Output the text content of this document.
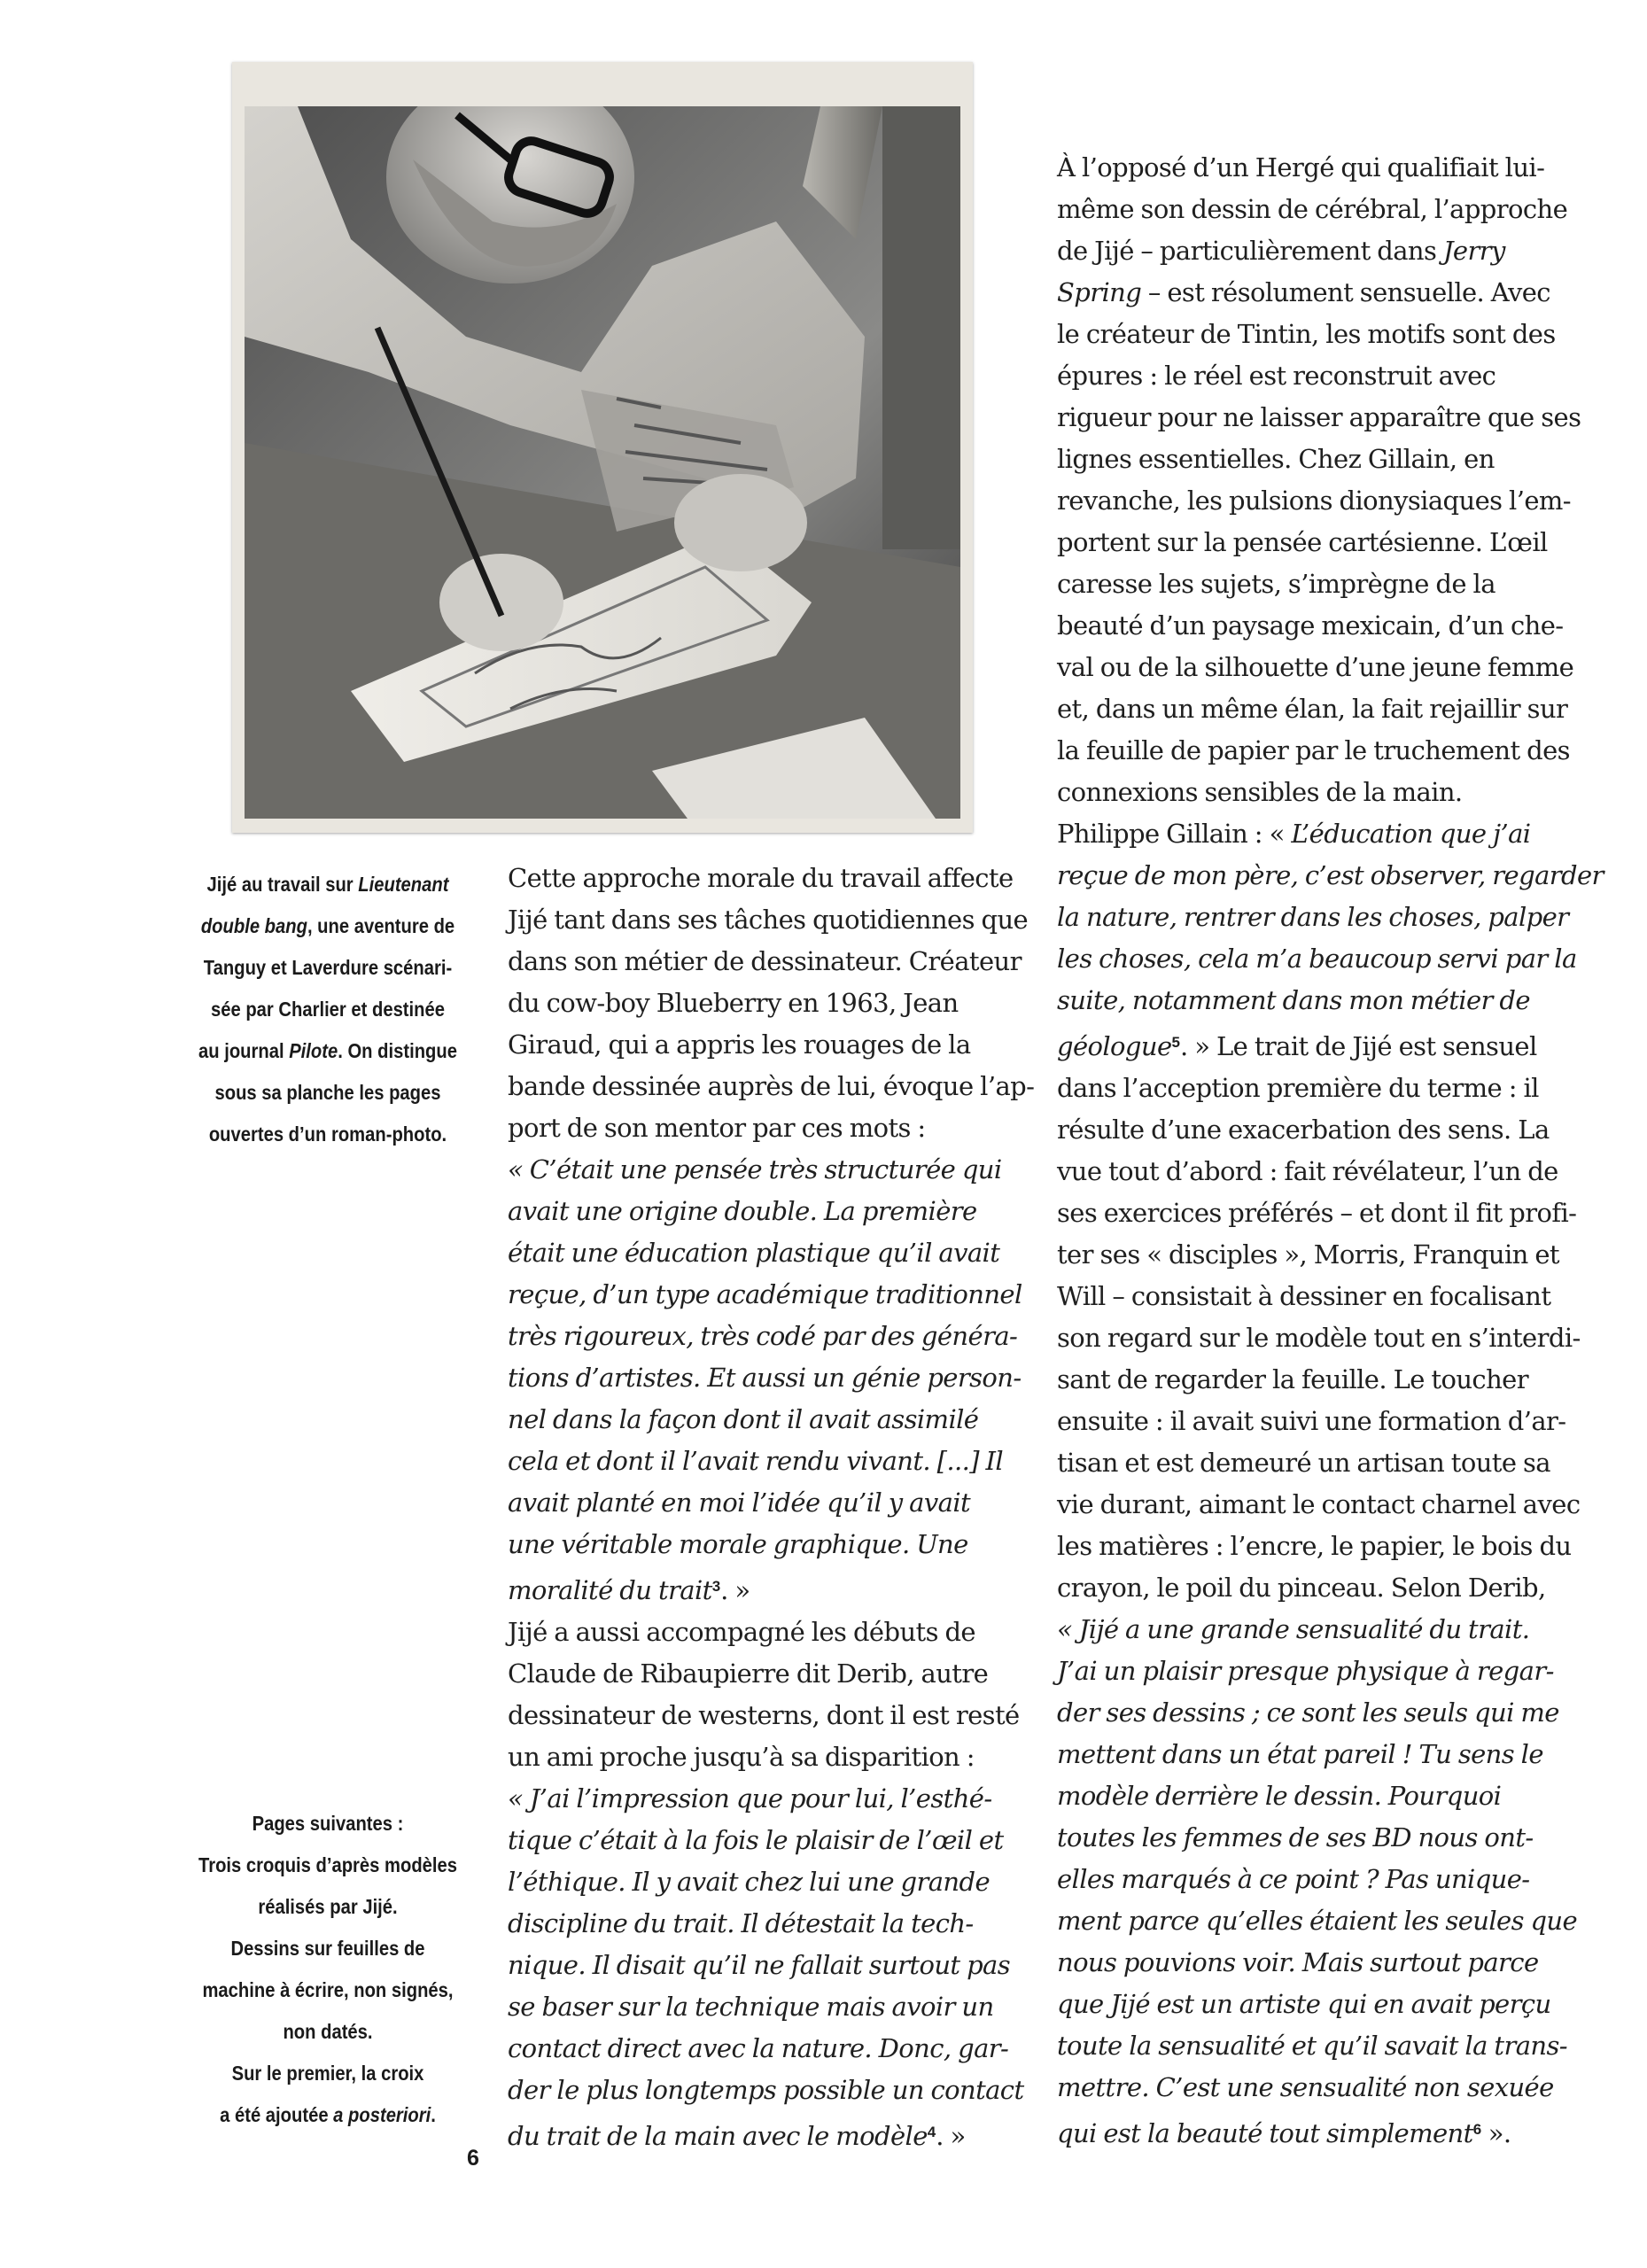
Jijé au travail sur Lieutenant
double bang, une aventure de
Tanguy et Laverdure scénari-
sée par Charlier et destinée
au journal Pilote. On distingue
sous sa planche les pages
ouvertes d’un roman-photo.
Pages suivantes :
Trois croquis d’après modèles
réalisés par Jijé.
Dessins sur feuilles de
machine à écrire, non signés,
non datés.
Sur le premier, la croix
a été ajoutée a posteriori.

Cette approche morale du travail affecte
Jijé tant dans ses tâches quotidiennes que
dans son métier de dessinateur. Créateur
du cow-boy Blueberry en 1963, Jean
Giraud, qui a appris les rouages de la
bande dessinée auprès de lui, évoque l’ap-
port de son mentor par ces mots :

« C’était une pensée très structurée qui
avait une origine double. La première
était une éducation plastique qu’il avait
reçue, d’un type académique traditionnel
très rigoureux, très codé par des généra-
tions d’artistes. Et aussi un génie person-
nel dans la façon dont il avait assimilé
cela et dont il l’avait rendu vivant. [...] Il
avait planté en moi l’idée qu’il y avait
une véritable morale graphique. Une
moralité du trait$^3$. »

Jijé a aussi accompagné les débuts de
Claude de Ribaupierre dit Derib, autre
dessinateur de westerns, dont il est resté
un ami proche jusqu’à sa disparition :

« J’ai l’impression que pour lui, l’esthé-
tique c’était à la fois le plaisir de l’œil et
l’éthique. Il y avait chez lui une grande
discipline du trait. Il détestait la tech-
nique. Il disait qu’il ne fallait surtout pas
se baser sur la technique mais avoir un
contact direct avec la nature. Donc, gar-
der le plus longtemps possible un contact
du trait de la main avec le modèle$^4$. »

À l’opposé d’un Hergé qui qualifiait lui-
même son dessin de cérébral, l’approche
de Jijé – particulièrement dans Jerry
Spring – est résolument sensuelle. Avec
le créateur de Tintin, les motifs sont des
épures : le réel est reconstruit avec
rigueur pour ne laisser apparaître que ses
lignes essentielles. Chez Gillain, en
revanche, les pulsions dionysiaques l’em-
portent sur la pensée cartésienne. L’œil
caresse les sujets, s’imprègne de la
beauté d’un paysage mexicain, d’un che-
val ou de la silhouette d’une jeune femme
et, dans un même élan, la fait rejaillir sur
la feuille de papier par le truchement des
connexions sensibles de la main.

Philippe Gillain : « L’éducation que j’ai
reçue de mon père, c’est observer, regarder
la nature, rentrer dans les choses, palper
les choses, cela m’a beaucoup servi par la
suite, notamment dans mon métier de
géologue$^5$. » Le trait de Jijé est sensuel
dans l’acception première du terme : il
résulte d’une exacerbation des sens. La
vue tout d’abord : fait révélateur, l’un de
ses exercices préférés – et dont il fit profi-
ter ses « disciples », Morris, Franquin et
Will – consistait à dessiner en focalisant
son regard sur le modèle tout en s’interdi-
sant de regarder la feuille. Le toucher
ensuite : il avait suivi une formation d’ar-
tisan et est demeuré un artisan toute sa
vie durant, aimant le contact charnel avec
les matières : l’encre, le papier, le bois du
crayon, le poil du pinceau. Selon Derib,

« Jijé a une grande sensualité du trait.
J’ai un plaisir presque physique à regar-
der ses dessins ; ce sont les seuls qui me
mettent dans un état pareil ! Tu sens le
modèle derrière le dessin. Pourquoi
toutes les femmes de ses BD nous ont-
elles marqués à ce point ? Pas unique-
ment parce qu’elles étaient les seules que
nous pouvions voir. Mais surtout parce
que Jijé est un artiste qui en avait perçu
toute la sensualité et qu’il savait la trans-
mettre. C’est une sensualité non sexuée
qui est la beauté tout simplement$^6$ ».

6
